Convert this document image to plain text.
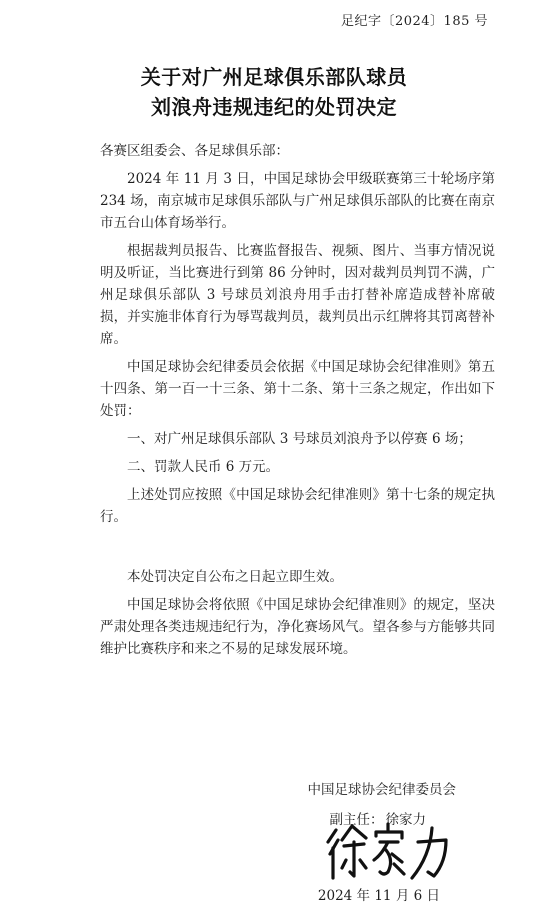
足纪字〔2024〕185 号
关于对广州足球俱乐部队球员
刘浪舟违规违纪的处罚决定

各赛区组委会、各足球俱乐部：

2024 年 11 月 3 日，中国足球协会甲级联赛第三十轮场序第 234 场，南京城市足球俱乐部队与广州足球俱乐部队的比赛在南京市五台山体育场举行。

根据裁判员报告、比赛监督报告、视频、图片、当事方情况说明及听证，当比赛进行到第 86 分钟时，因对裁判员判罚不满，广州足球俱乐部队 3 号球员刘浪舟用手击打替补席造成替补席破损，并实施非体育行为辱骂裁判员，裁判员出示红牌将其罚离替补席。

中国足球协会纪律委员会依据《中国足球协会纪律准则》第五十四条、第一百一十三条、第十二条、第十三条之规定，作出如下处罚：

一、对广州足球俱乐部队 3 号球员刘浪舟予以停赛 6 场；

二、罚款人民币 6 万元。

上述处罚应按照《中国足球协会纪律准则》第十七条的规定执行。

本处罚决定自公布之日起立即生效。

中国足球协会将依照《中国足球协会纪律准则》的规定，坚决严肃处理各类违规违纪行为，净化赛场风气。望各参与方能够共同维护比赛秩序和来之不易的足球发展环境。

中国足球协会纪律委员会
副主任： 徐家力
2024 年 11 月 6 日
